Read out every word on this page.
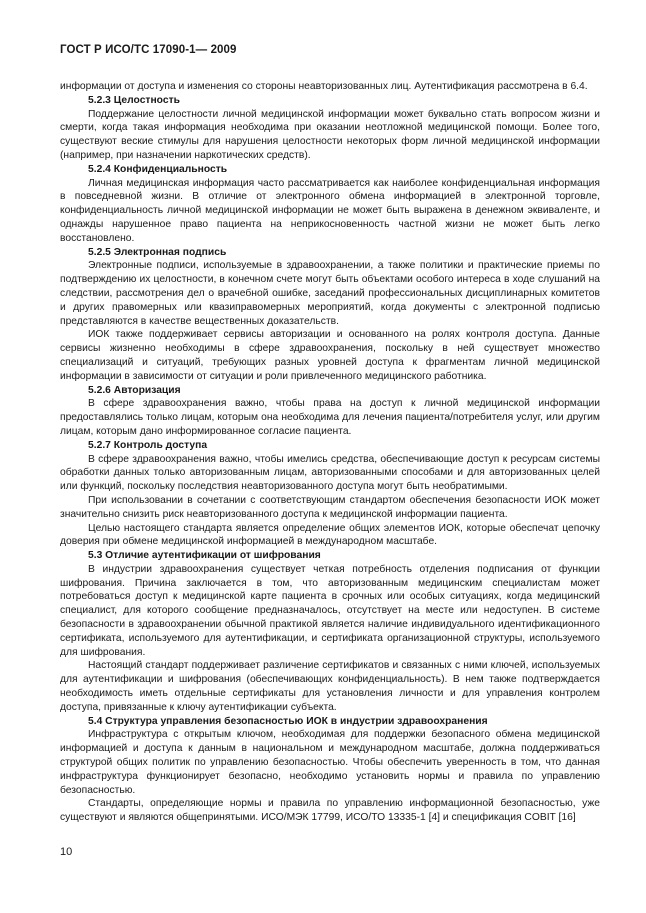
ГОСТ Р ИСО/ТС 17090-1— 2009

информации от доступа и изменения со стороны неавторизованных лиц. Аутентификация рассмотрена в 6.4.

5.2.3 Целостность

Поддержание целостности личной медицинской информации может буквально стать вопросом жизни и смерти, когда такая информация необходима при оказании неотложной медицинской помощи. Более того, существуют веские стимулы для нарушения целостности некоторых форм личной медицинской информации (например, при назначении наркотических средств).

5.2.4 Конфиденциальность

Личная медицинская информация часто рассматривается как наиболее конфиденциальная информация в повседневной жизни. В отличие от электронного обмена информацией в электронной торговле, конфиденциальность личной медицинской информации не может быть выражена в денежном эквиваленте, и однажды нарушенное право пациента на неприкосновенность частной жизни не может быть легко восстановлено.

5.2.5 Электронная подпись

Электронные подписи, используемые в здравоохранении, а также политики и практические приемы по подтверждению их целостности, в конечном счете могут быть объектами особого интереса в ходе слушаний на следствии, рассмотрения дел о врачебной ошибке, заседаний профессиональных дисциплинарных комитетов и других правомерных или квазиправомерных мероприятий, когда документы с электронной подписью представляются в качестве вещественных доказательств.

ИОК также поддерживает сервисы авторизации и основанного на ролях контроля доступа. Данные сервисы жизненно необходимы в сфере здравоохранения, поскольку в ней существует множество специализаций и ситуаций, требующих разных уровней доступа к фрагментам личной медицинской информации в зависимости от ситуации и роли привлеченного медицинского работника.

5.2.6 Авторизация

В сфере здравоохранения важно, чтобы права на доступ к личной медицинской информации предоставлялись только лицам, которым она необходима для лечения пациента/потребителя услуг, или другим лицам, которым дано информированное согласие пациента.

5.2.7 Контроль доступа

В сфере здравоохранения важно, чтобы имелись средства, обеспечивающие доступ к ресурсам системы обработки данных только авторизованным лицам, авторизованными способами и для авторизованных целей или функций, поскольку последствия неавторизованного доступа могут быть необратимыми.

При использовании в сочетании с соответствующим стандартом обеспечения безопасности ИОК может значительно снизить риск неавторизованного доступа к медицинской информации пациента.

Целью настоящего стандарта является определение общих элементов ИОК, которые обеспечат цепочку доверия при обмене медицинской информацией в международном масштабе.

5.3 Отличие аутентификации от шифрования

В индустрии здравоохранения существует четкая потребность отделения подписания от функции шифрования. Причина заключается в том, что авторизованным медицинским специалистам может потребоваться доступ к медицинской карте пациента в срочных или особых ситуациях, когда медицинский специалист, для которого сообщение предназначалось, отсутствует на месте или недоступен. В системе безопасности в здравоохранении обычной практикой является наличие индивидуального идентификационного сертификата, используемого для аутентификации, и сертификата организационной структуры, используемого для шифрования.

Настоящий стандарт поддерживает различение сертификатов и связанных с ними ключей, используемых для аутентификации и шифрования (обеспечивающих конфиденциальность). В нем также подтверждается необходимость иметь отдельные сертификаты для установления личности и для управления контролем доступа, привязанные к ключу аутентификации субъекта.

5.4 Структура управления безопасностью ИОК в индустрии здравоохранения

Инфраструктура с открытым ключом, необходимая для поддержки безопасного обмена медицинской информацией и доступа к данным в национальном и международном масштабе, должна поддерживаться структурой общих политик по управлению безопасностью. Чтобы обеспечить уверенность в том, что данная инфраструктура функционирует безопасно, необходимо установить нормы и правила по управлению безопасностью.

Стандарты, определяющие нормы и правила по управлению информационной безопасностью, уже существуют и являются общепринятыми. ИСО/МЭК 17799, ИСО/ТО 13335-1 [4] и спецификация COBIT [16]

10
